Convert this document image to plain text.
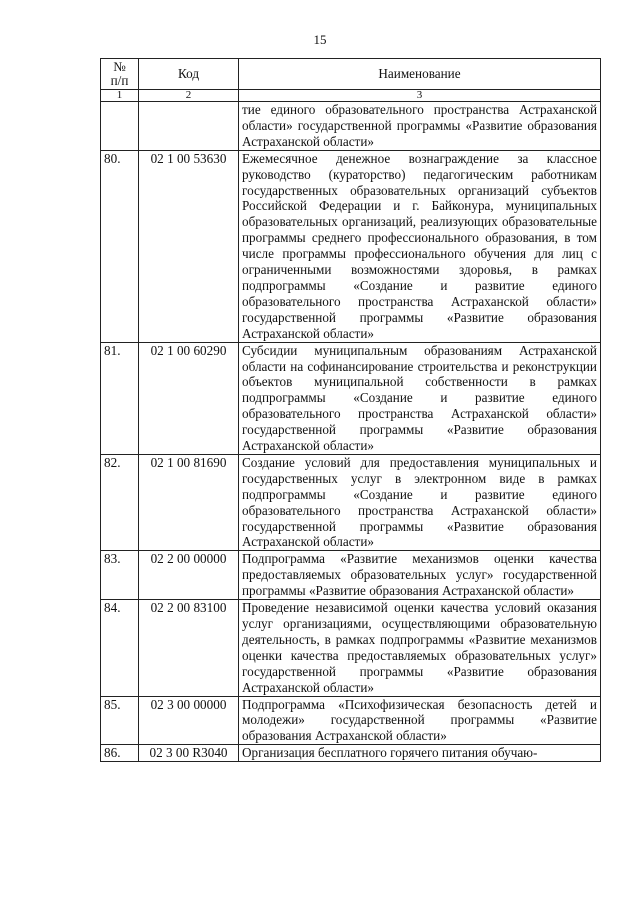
15
№
п/п	Код	Наименование
1	2	3
		тие единого образовательного пространства Астраханской области» государственной программы «Развитие образования Астраханской области»
80.	02 1 00 53630	Ежемесячное денежное вознаграждение за классное руководство (кураторство) педагогическим работникам государственных образовательных организаций субъектов Российской Федерации и г. Байконура, муниципальных образовательных организаций, реализующих образовательные программы среднего профессионального образования, в том числе программы профессионального обучения для лиц с ограниченными возможностями здоровья, в рамках подпрограммы «Создание и развитие единого образовательного пространства Астраханской области» государственной программы «Развитие образования Астраханской области»
81.	02 1 00 60290	Субсидии муниципальным образованиям Астраханской области на софинансирование строительства и реконструкции объектов муниципальной собственности в рамках подпрограммы «Создание и развитие единого образовательного пространства Астраханской области» государственной программы «Развитие образования Астраханской области»
82.	02 1 00 81690	Создание условий для предоставления муниципальных и государственных услуг в электронном виде в рамках подпрограммы «Создание и развитие единого образовательного пространства Астраханской области» государственной программы «Развитие образования Астраханской области»
83.	02 2 00 00000	Подпрограмма «Развитие механизмов оценки качества предоставляемых образовательных услуг» государственной программы «Развитие образования Астраханской области»
84.	02 2 00 83100	Проведение независимой оценки качества условий оказания услуг организациями, осуществляющими образовательную деятельность, в рамках подпрограммы «Развитие механизмов оценки качества предоставляемых образовательных услуг» государственной программы «Развитие образования Астраханской области»
85.	02 3 00 00000	Подпрограмма «Психофизическая безопасность детей и молодежи» государственной программы «Развитие образования Астраханской области»
86.	02 3 00 R3040	Организация бесплатного горячего питания обучаю-
